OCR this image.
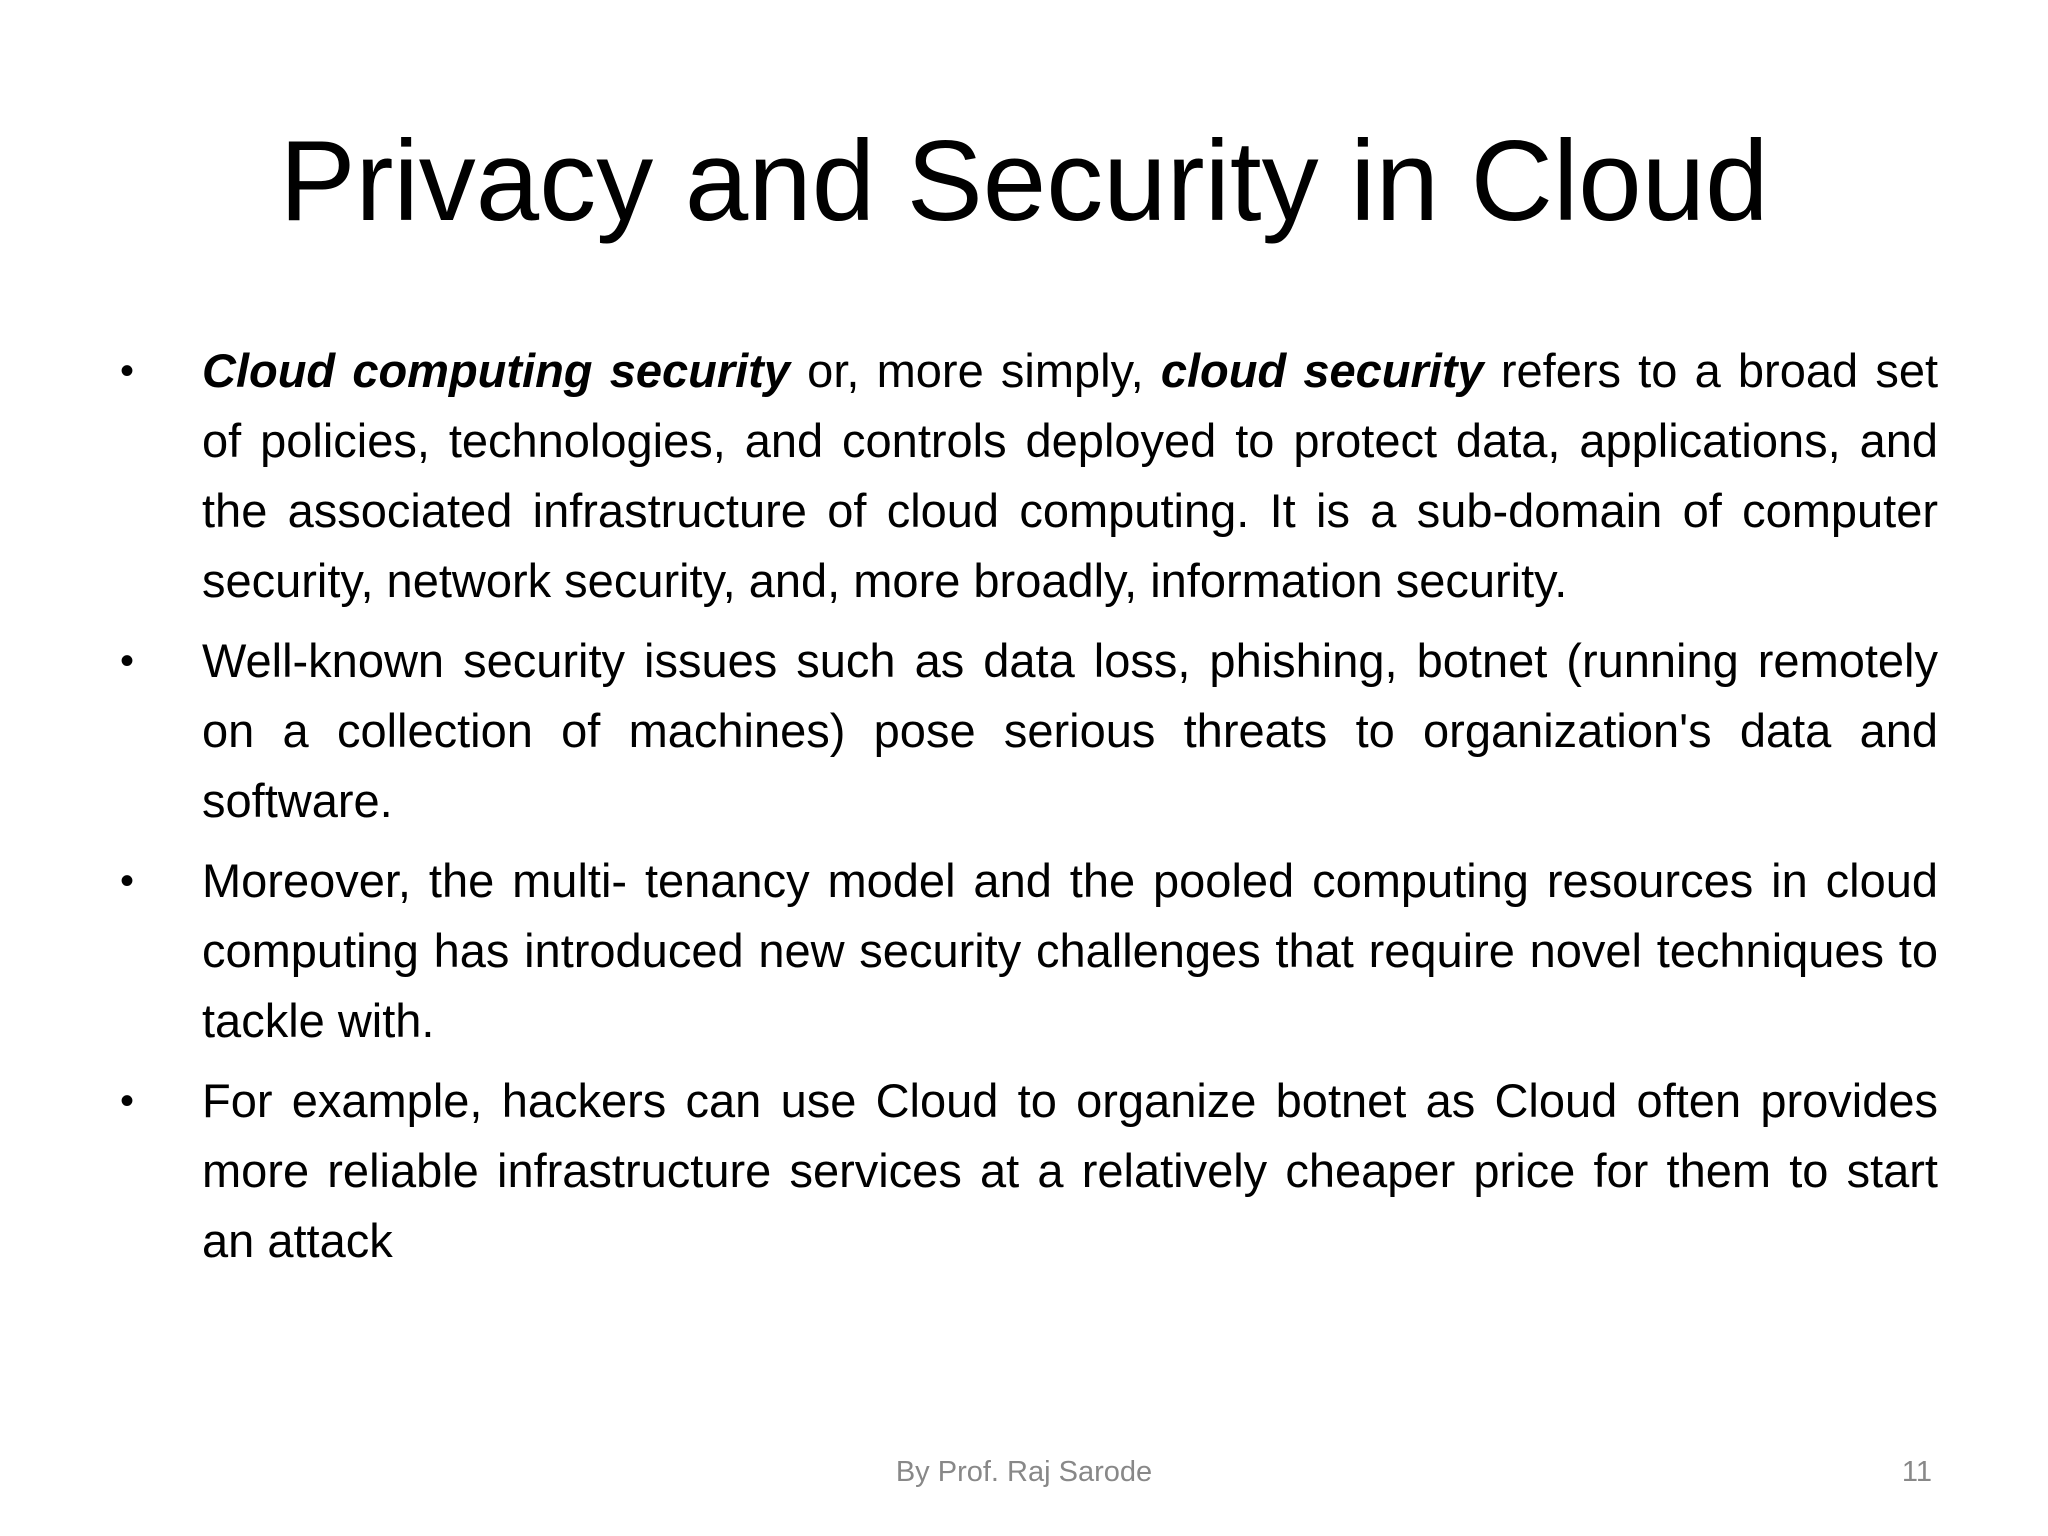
Privacy and Security in Cloud
•	Cloud computing security or, more simply, cloud security refers to a broad set of policies, technologies, and controls deployed to protect data, applications, and the associated infrastructure of cloud computing. It is a sub-domain of computer security, network security, and, more broadly, information security.
•	Well-known security issues such as data loss, phishing, botnet (running remotely on a collection of machines) pose serious threats to organization's data and software.
•	Moreover, the multi- tenancy model and the pooled computing resources in cloud computing has introduced new security challenges that require novel techniques to tackle with.
•	For example, hackers can use Cloud to organize botnet as Cloud often provides more reliable infrastructure services at a relatively cheaper price for them to start an attack
By Prof. Raj Sarode	11
